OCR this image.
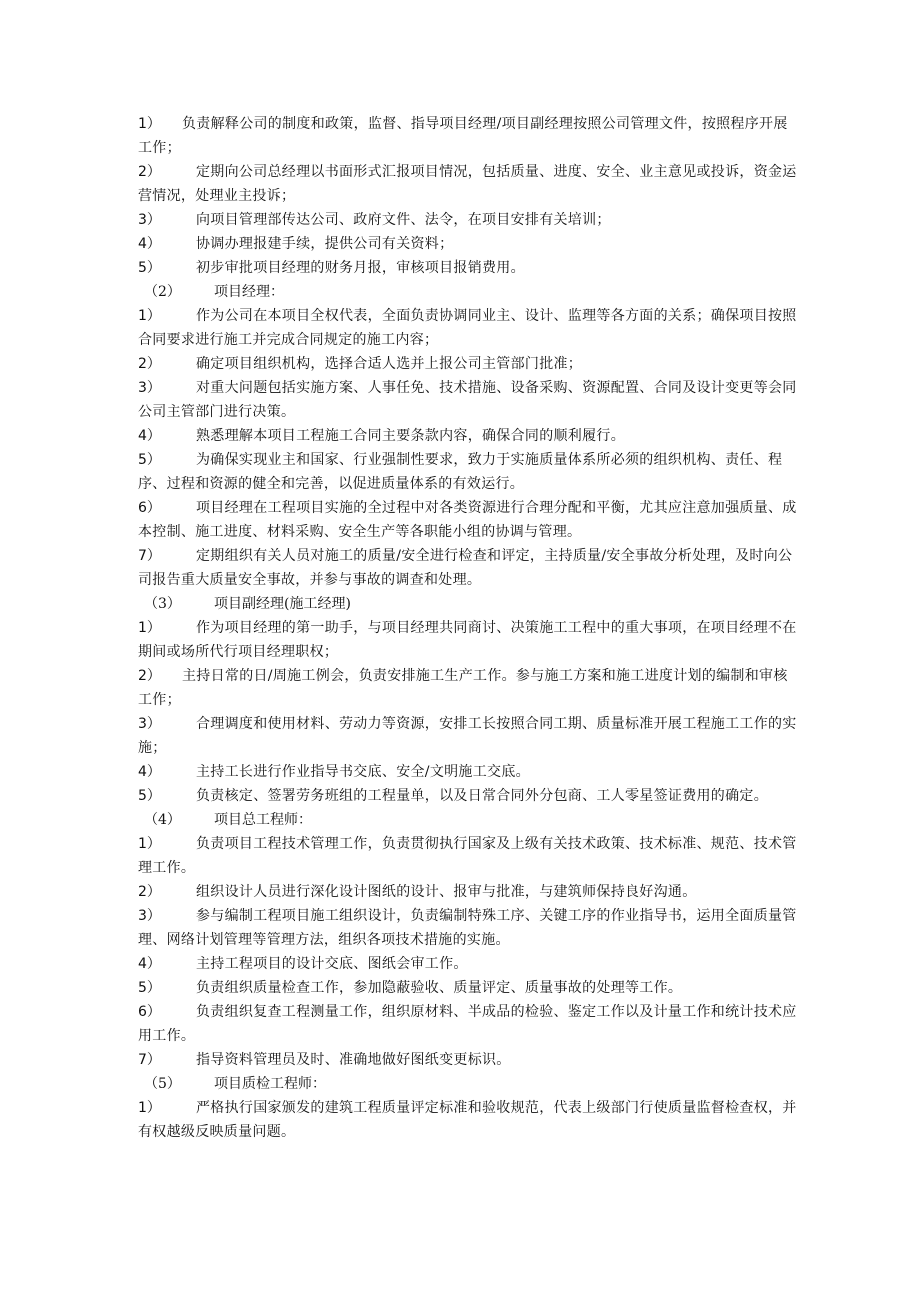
1） 负责解释公司的制度和政策，监督、指导项目经理/项目副经理按照公司管理文件，按照程序开展工作；

2）	定期向公司总经理以书面形式汇报项目情况，包括质量、进度、安全、业主意见或投诉，资金运营情况，处理业主投诉；

3）	向项目管理部传达公司、政府文件、法令，在项目安排有关培训；

4）	协调办理报建手续，提供公司有关资料；

5）	初步审批项目经理的财务月报，审核项目报销费用。

（2） 项目经理：

1）	作为公司在本项目全权代表，全面负责协调同业主、设计、监理等各方面的关系；确保项目按照合同要求进行施工并完成合同规定的施工内容；

2）	确定项目组织机构，选择合适人选并上报公司主管部门批准；

3）	对重大问题包括实施方案、人事任免、技术措施、设备采购、资源配置、合同及设计变更等会同公司主管部门进行决策。

4）	熟悉理解本项目工程施工合同主要条款内容，确保合同的顺利履行。

5）	为确保实现业主和国家、行业强制性要求，致力于实施质量体系所必须的组织机构、责任、程序、过程和资源的健全和完善，以促进质量体系的有效运行。

6）	项目经理在工程项目实施的全过程中对各类资源进行合理分配和平衡，尤其应注意加强质量、成本控制、施工进度、材料采购、安全生产等各职能小组的协调与管理。

7）	定期组织有关人员对施工的质量/安全进行检查和评定，主持质量/安全事故分析处理，及时向公司报告重大质量安全事故，并参与事故的调查和处理。

（3） 项目副经理(施工经理)

1）	作为项目经理的第一助手，与项目经理共同商讨、决策施工工程中的重大事项，在项目经理不在期间或场所代行项目经理职权；

2） 主持日常的日/周施工例会，负责安排施工生产工作。参与施工方案和施工进度计划的编制和审核工作；

3）	合理调度和使用材料、劳动力等资源，安排工长按照合同工期、质量标准开展工程施工工作的实施；

4）	主持工长进行作业指导书交底、安全/文明施工交底。

5）	负责核定、签署劳务班组的工程量单，以及日常合同外分包商、工人零星签证费用的确定。

（4） 项目总工程师：

1）	负责项目工程技术管理工作，负责贯彻执行国家及上级有关技术政策、技术标准、规范、技术管理工作。

2）	组织设计人员进行深化设计图纸的设计、报审与批准，与建筑师保持良好沟通。

3）	参与编制工程项目施工组织设计，负责编制特殊工序、关键工序的作业指导书，运用全面质量管理、网络计划管理等管理方法，组织各项技术措施的实施。

4）	主持工程项目的设计交底、图纸会审工作。

5）	负责组织质量检查工作，参加隐蔽验收、质量评定、质量事故的处理等工作。

6）	负责组织复查工程测量工作，组织原材料、半成品的检验、鉴定工作以及计量工作和统计技术应用工作。

7）	指导资料管理员及时、准确地做好图纸变更标识。

（5） 项目质检工程师：

1）	严格执行国家颁发的建筑工程质量评定标准和验收规范，代表上级部门行使质量监督检查权，并有权越级反映质量问题。
